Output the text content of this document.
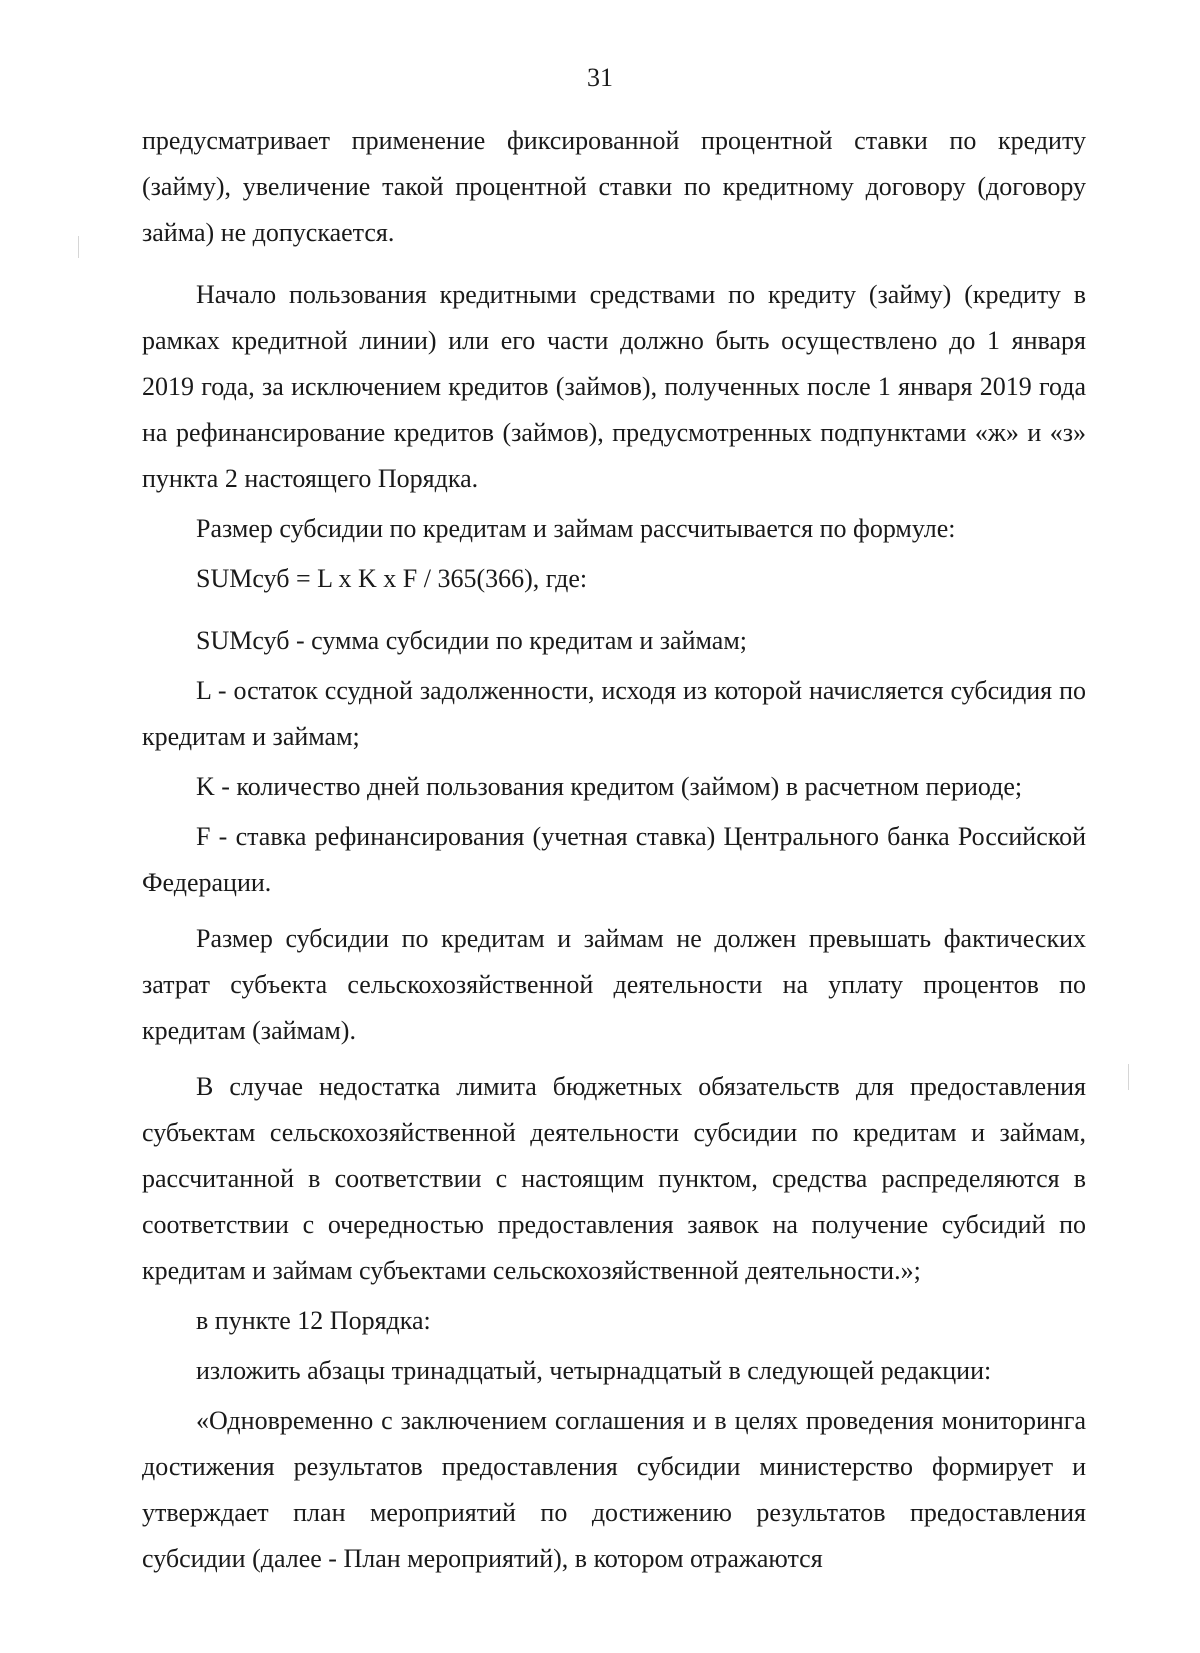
31

предусматривает применение фиксированной процентной ставки по кредиту (займу), увеличение такой процентной ставки по кредитному договору (договору займа) не допускается.

Начало пользования кредитными средствами по кредиту (займу) (кредиту в рамках кредитной линии) или его части должно быть осуществлено до 1 января 2019 года, за исключением кредитов (займов), полученных после 1 января 2019 года на рефинансирование кредитов (займов), предусмотренных подпунктами «ж» и «з» пункта 2 настоящего Порядка.

Размер субсидии по кредитам и займам рассчитывается по формуле:

SUMсуб = L x K x F / 365(366), где:

SUMсуб - сумма субсидии по кредитам и займам;

L - остаток ссудной задолженности, исходя из которой начисляется субсидия по кредитам и займам;

K - количество дней пользования кредитом (займом) в расчетном периоде;

F - ставка рефинансирования (учетная ставка) Центрального банка Российской Федерации.

Размер субсидии по кредитам и займам не должен превышать фактических затрат субъекта сельскохозяйственной деятельности на уплату процентов по кредитам (займам).

В случае недостатка лимита бюджетных обязательств для предоставления субъектам сельскохозяйственной деятельности субсидии по кредитам и займам, рассчитанной в соответствии с настоящим пунктом, средства распределяются в соответствии с очередностью предоставления заявок на получение субсидий по кредитам и займам субъектами сельскохозяйственной деятельности.»;

в пункте 12 Порядка:

изложить абзацы тринадцатый, четырнадцатый в следующей редакции:

«Одновременно с заключением соглашения и в целях проведения мониторинга достижения результатов предоставления субсидии министерство формирует и утверждает план мероприятий по достижению результатов предоставления субсидии (далее - План мероприятий), в котором отражаются
